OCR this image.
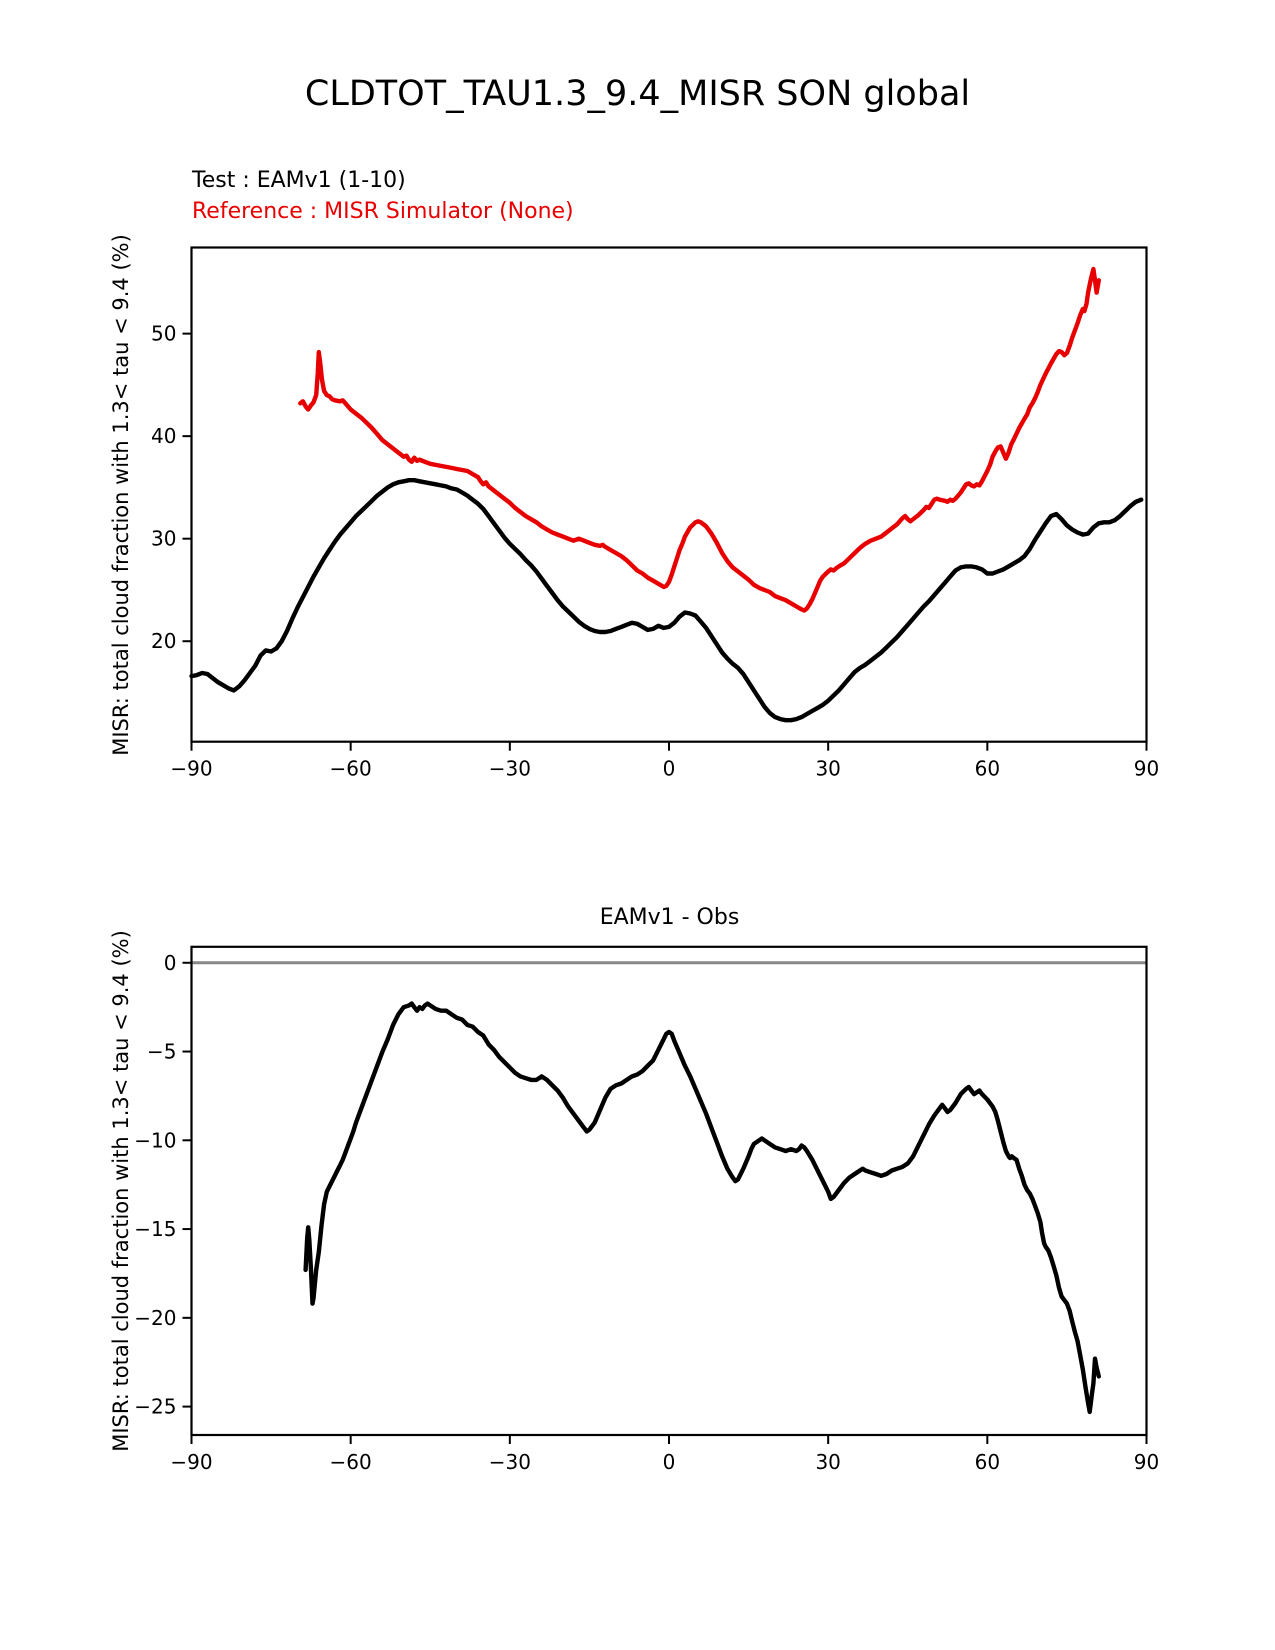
−90	−60	−30	0	30	60	90
20
30
40
50
−90	−60	−30	0	30	60	90
0
−5
−10
−15
−20
−25
CLDTOT_TAU1.3_9.4_MISR SON global
Test : EAMv1 (1-10)
Reference : MISR Simulator (None)
MISR: total cloud fraction with 1.3< tau < 9.4 (%)
EAMv1 - Obs
MISR: total cloud fraction with 1.3< tau < 9.4 (%)
